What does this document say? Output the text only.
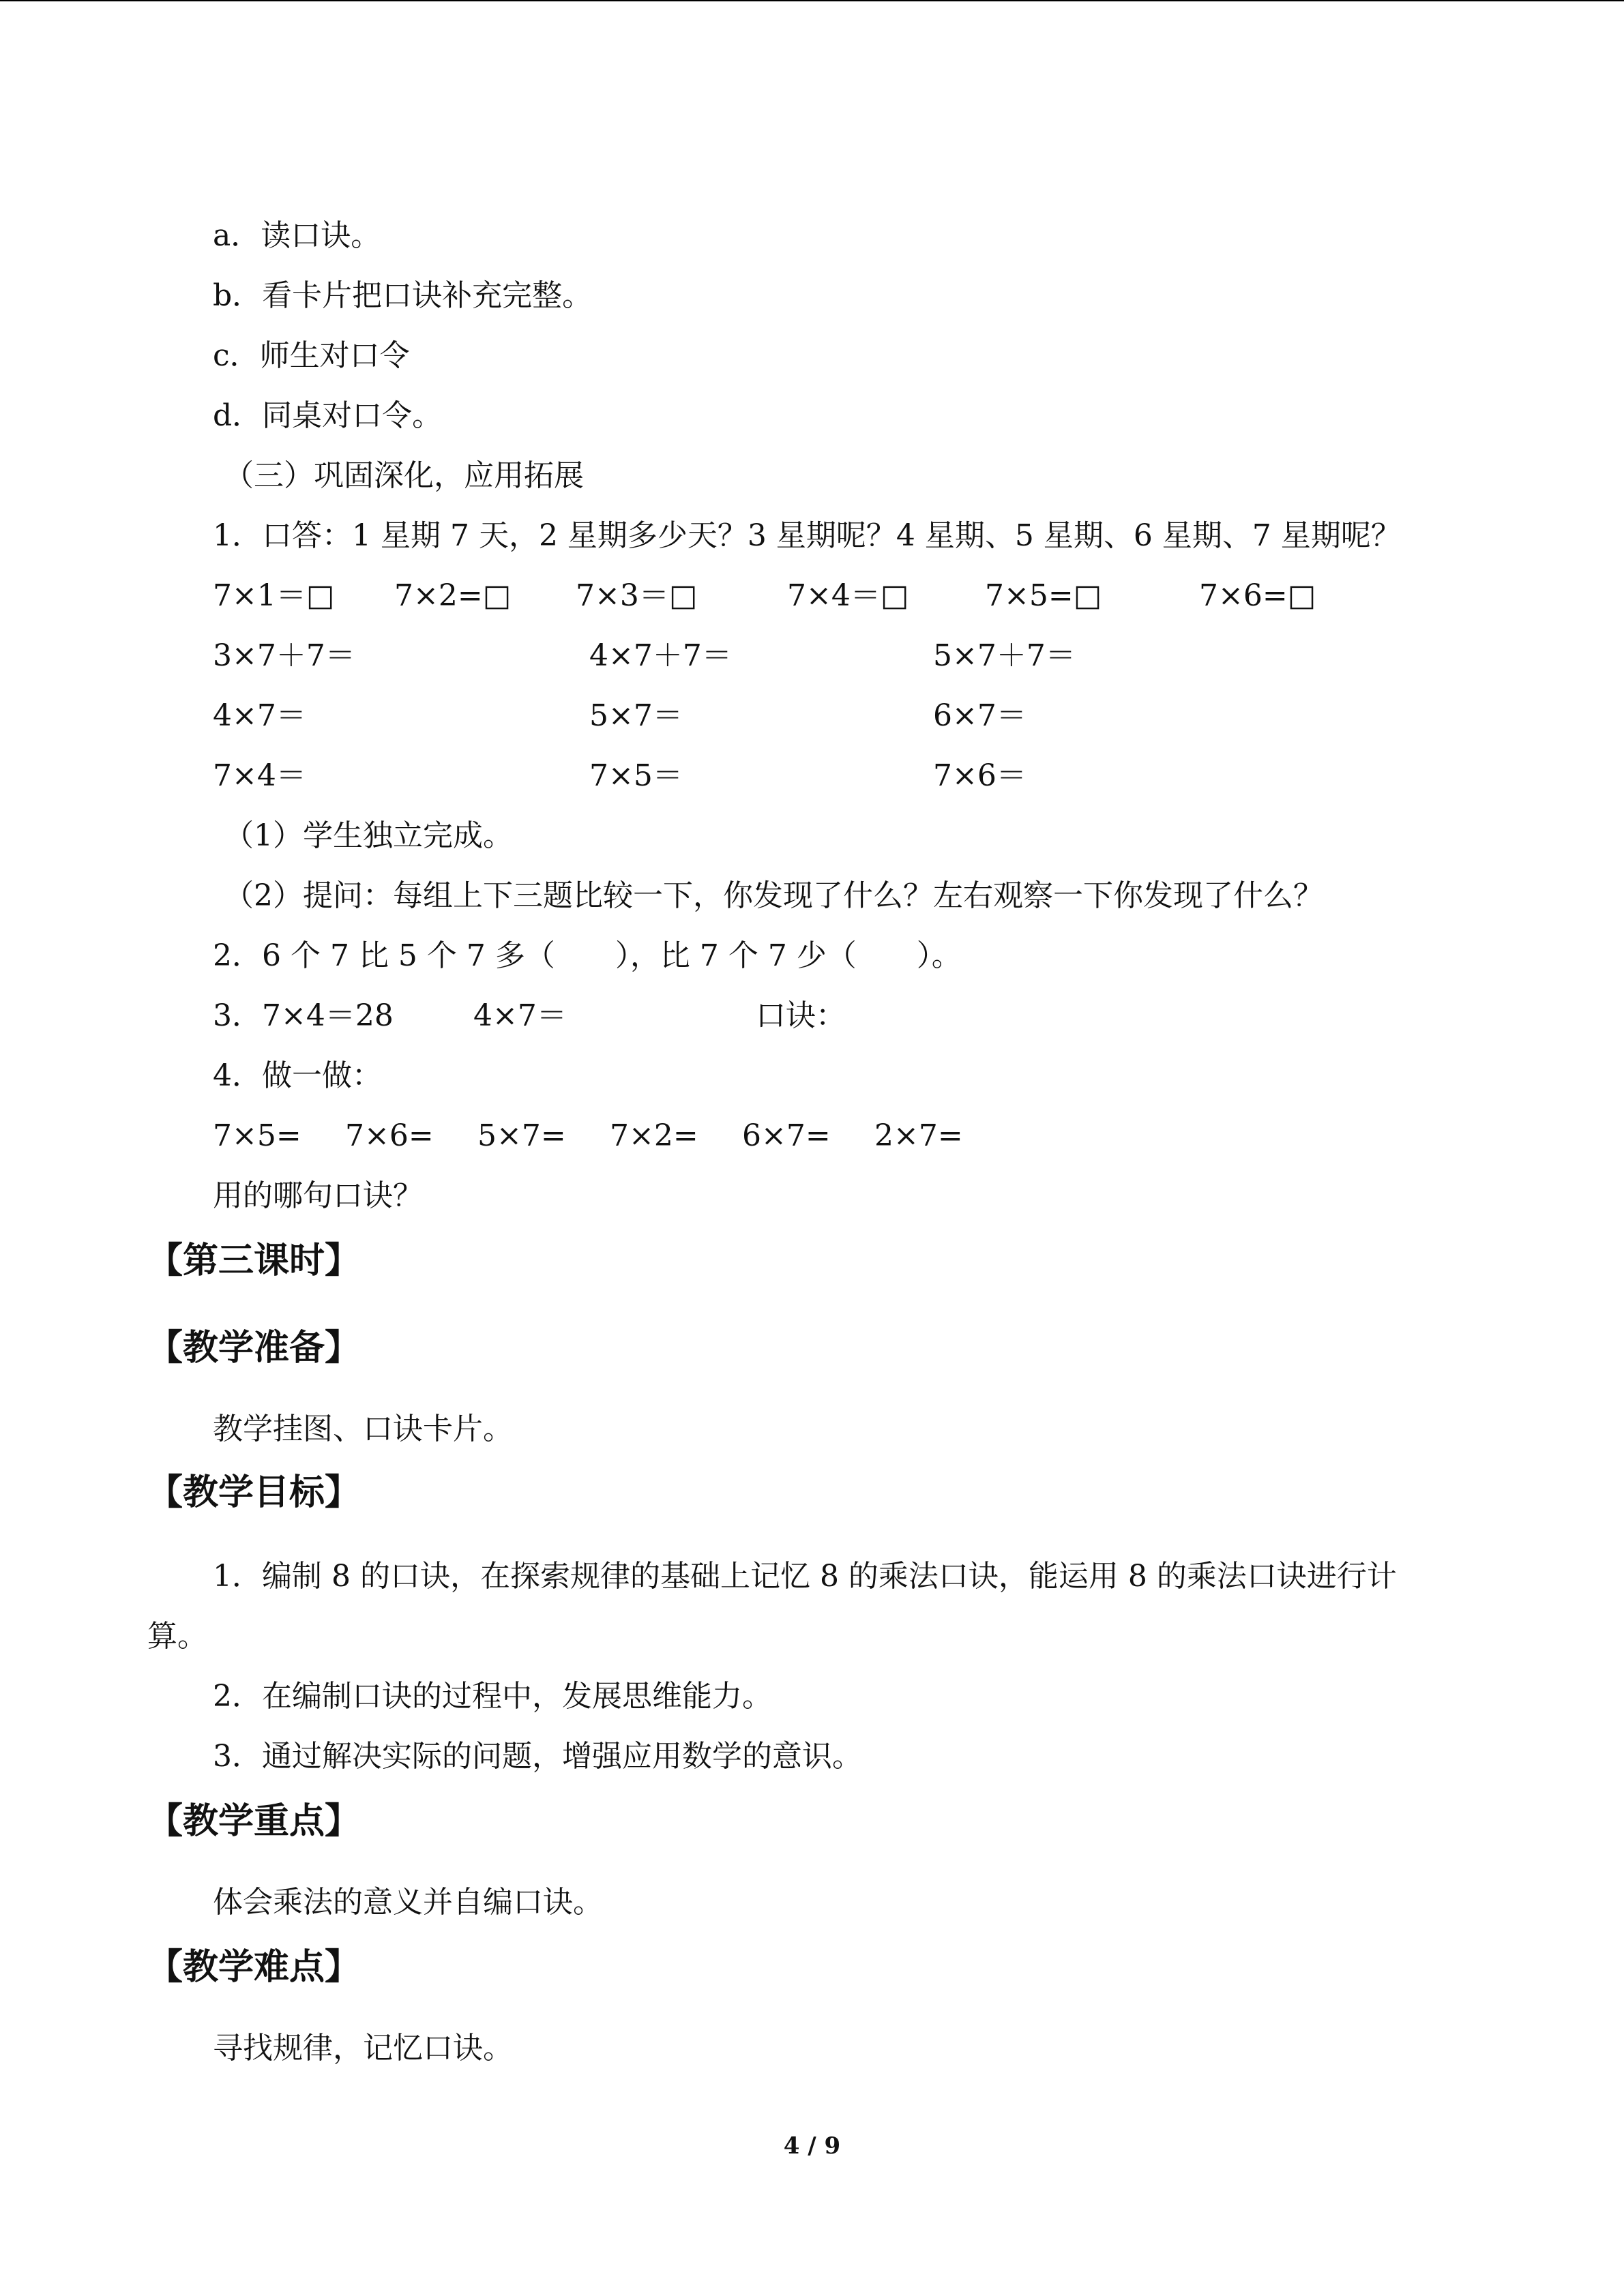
a．读口诀。
b．看卡片把口诀补充完整。
c．师生对口令
d．同桌对口令。
（三）巩固深化，应用拓展
1．口答：1 星期 7 天，2 星期多少天？3 星期呢？4 星期、5 星期、6 星期、7 星期呢？
7×1＝□ 7×2=□ 7×3＝□	7×4＝□	7×5=□	7×6=□
3×7＋7＝	4×7＋7＝	5×7＋7＝
4×7＝	5×7＝	6×7＝
7×4＝	7×5＝	7×6＝
（1）学生独立完成。
（2）提问：每组上下三题比较一下，你发现了什么？左右观察一下你发现了什么？
2．6 个 7 比 5 个 7 多（　　），比 7 个 7 少（　　）。
3．7×4＝28	4×7＝	口诀：
4．做一做：
7×5= 7×6= 5×7= 7×2= 6×7= 2×7=
用的哪句口诀？
【第三课时】
【教学准备】
教学挂图、口诀卡片。
【教学目标】
1．编制 8 的口诀，在探索规律的基础上记忆 8 的乘法口诀，能运用 8 的乘法口诀进行计
算。
2．在编制口诀的过程中，发展思维能力。
3．通过解决实际的问题，增强应用数学的意识。
【教学重点】
体会乘法的意义并自编口诀。
【教学难点】
寻找规律，记忆口诀。
4 / 9
